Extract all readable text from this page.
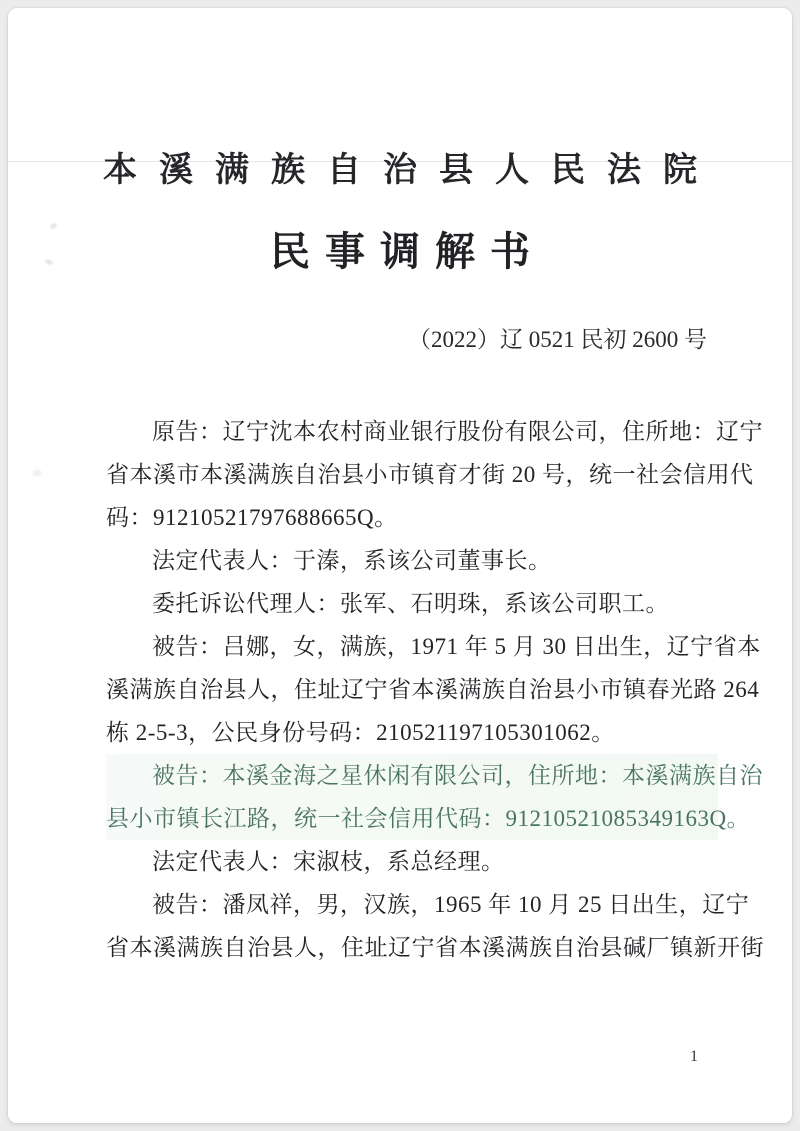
本溪满族自治县人民法院
民事调解书
（2022）辽 0521 民初 2600 号
原告：辽宁沈本农村商业银行股份有限公司，住所地：辽宁
省本溪市本溪满族自治县小市镇育才街 20 号，统一社会信用代
码：91210521797688665Q。
法定代表人：于溱，系该公司董事长。
委托诉讼代理人：张军、石明珠，系该公司职工。
被告：吕娜，女，满族，1971 年 5 月 30 日出生，辽宁省本
溪满族自治县人，住址辽宁省本溪满族自治县小市镇春光路 264
栋 2-5-3，公民身份号码：210521197105301062。
被告：本溪金海之星休闲有限公司，住所地：本溪满族自治
县小市镇长江路，统一社会信用代码：91210521085349163Q。
法定代表人：宋淑枝，系总经理。
被告：潘凤祥，男，汉族，1965 年 10 月 25 日出生，辽宁
省本溪满族自治县人，住址辽宁省本溪满族自治县碱厂镇新开街
1
